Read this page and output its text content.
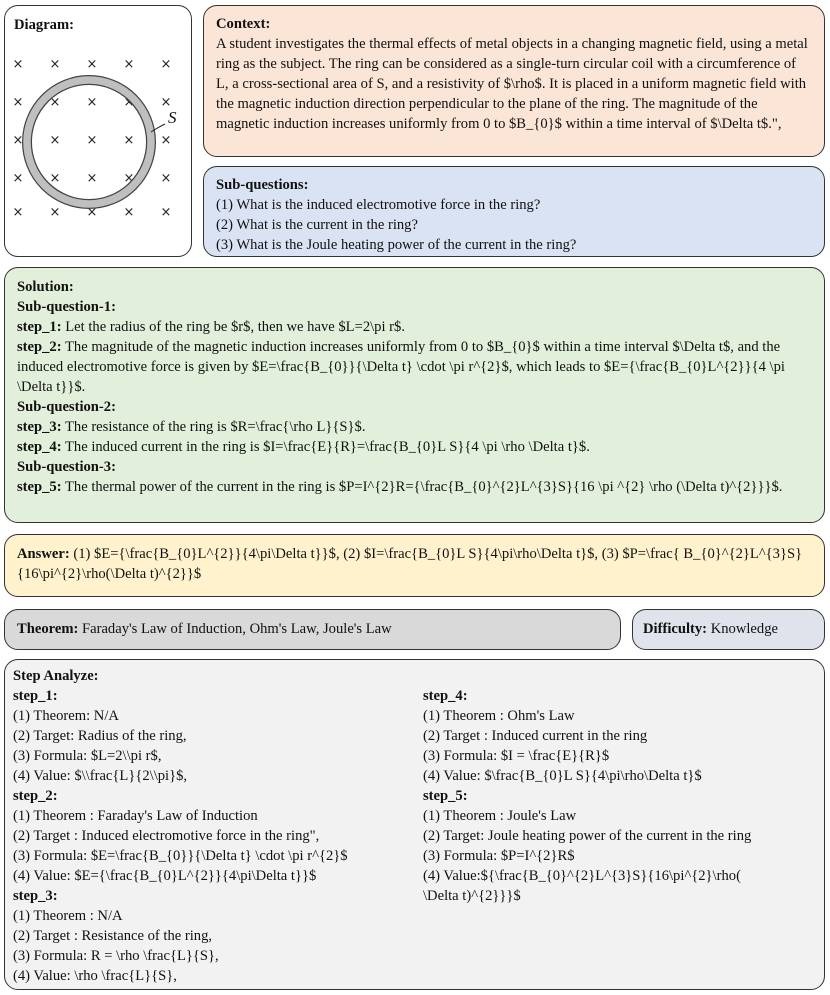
Diagram:
× × × × ×
× × × × ×
× × × × ×
× × × × ×
× × × × ×
S
Context:
A student investigates the thermal effects of metal objects in a changing magnetic field, using a metal ring as the subject. The ring can be considered as a single-turn circular coil with a circumference of L, a cross-sectional area of S, and a resistivity of $\rho$. It is placed in a uniform magnetic field with the magnetic induction direction perpendicular to the plane of the ring. The magnitude of the magnetic induction increases uniformly from 0 to $B_{0}$ within a time interval of $\Delta t$.",
Sub-questions:
(1) What is the induced electromotive force in the ring?
(2) What is the current in the ring?
(3) What is the Joule heating power of the current in the ring?
Solution:
Sub-question-1:
step_1: Let the radius of the ring be $r$, then we have $L=2\pi r$.
step_2: The magnitude of the magnetic induction increases uniformly from 0 to $B_{0}$ within a time interval $\Delta t$, and the induced electromotive force is given by $E=\frac{B_{0}}{\Delta t} \cdot \pi r^{2}$, which leads to $E={\frac{B_{0}L^{2}}{4 \pi \Delta t}}$.
Sub-question-2:
step_3: The resistance of the ring is $R=\frac{\rho L}{S}$.
step_4: The induced current in the ring is $I=\frac{E}{R}=\frac{B_{0}L S}{4 \pi \rho \Delta t}$.
Sub-question-3:
step_5: The thermal power of the current in the ring is $P=I^{2}R={\frac{B_{0}^{2}L^{3}S}{16 \pi ^{2} \rho (\Delta t)^{2}}}$.
Answer: (1) $E={\frac{B_{0}L^{2}}{4\pi\Delta t}}$, (2) $I=\frac{B_{0}L S}{4\pi\rho\Delta t}$, (3) $P=\frac{ B_{0}^{2}L^{3}S}{16\pi^{2}\rho(\Delta t)^{2}}$
Theorem: Faraday's Law of Induction, Ohm's Law, Joule's Law	Difficulty: Knowledge
Step Analyze:
step_1:
(1) Theorem: N/A
(2) Target: Radius of the ring,
(3) Formula: $L=2\\pi r$,
(4) Value: $\\frac{L}{2\\pi}$,
step_2:
(1) Theorem : Faraday's Law of Induction
(2) Target : Induced electromotive force in the ring",
(3) Formula: $E=\frac{B_{0}}{\Delta t} \cdot \pi r^{2}$
(4) Value: $E={\frac{B_{0}L^{2}}{4\pi\Delta t}}$
step_3:
(1) Theorem : N/A
(2) Target : Resistance of the ring,
(3) Formula: R = \rho \frac{L}{S},
(4) Value: \rho \frac{L}{S},
step_4:
(1) Theorem : Ohm's Law
(2) Target : Induced current in the ring
(3) Formula: $I = \frac{E}{R}$
(4) Value: $\frac{B_{0}L S}{4\pi\rho\Delta t}$
step_5:
(1) Theorem : Joule's Law
(2) Target: Joule heating power of the current in the ring
(3) Formula: $P=I^{2}R$
(4) Value:${\frac{B_{0}^{2}L^{3}S}{16\pi^{2}\rho(
\Delta t)^{2}}}$
